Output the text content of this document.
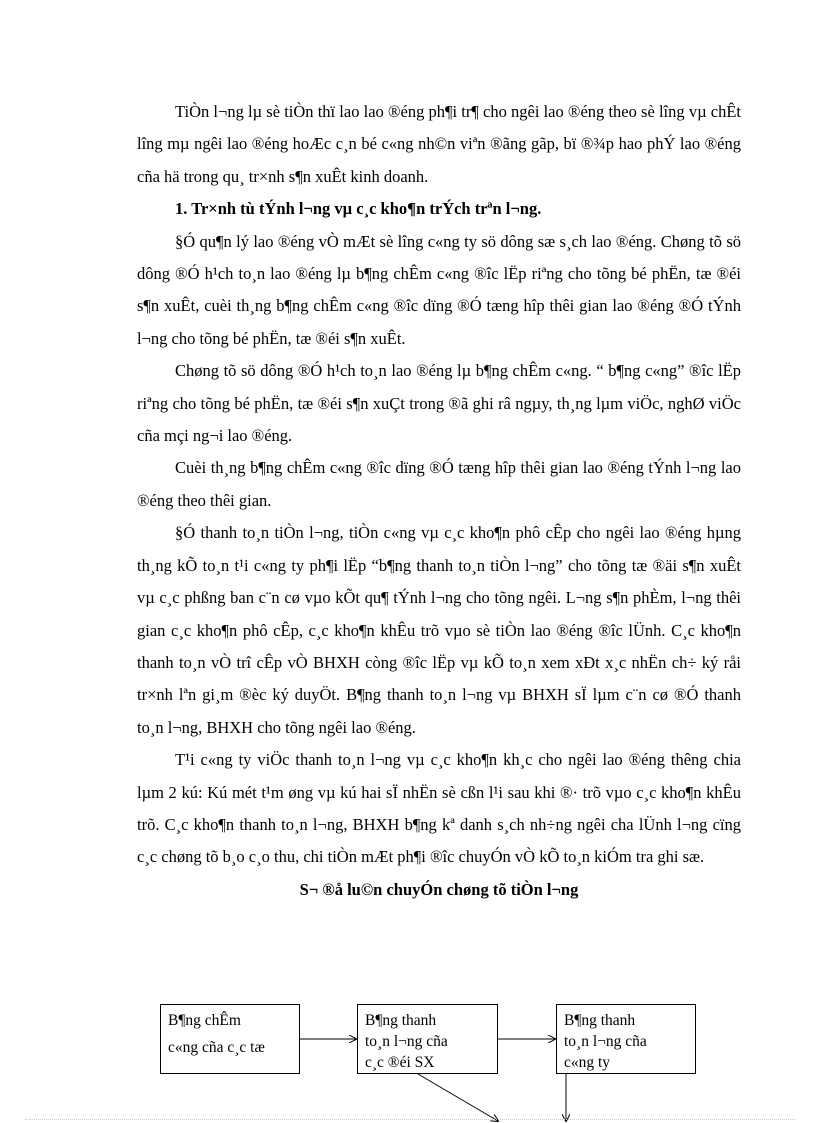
TiÒn l¬ng lµ sè tiÒn thï lao lao ®éng ph¶i tr¶ cho ngêi lao ®éng theo sè lîng vµ chÊt lîng mµ ngêi lao ®éng hoÆc c¸n bé c«ng nh©n viªn ®ãng gãp, bï ®¾p hao phÝ lao ®éng cña hä trong qu¸ tr×nh s¶n xuÊt kinh doanh.

1. Tr×nh tù tÝnh l¬ng vµ c¸c kho¶n trÝch trªn l¬ng.

§Ó qu¶n lý lao ®éng vÒ mÆt sè lîng c«ng ty sö dông sæ s¸ch lao ®éng. Chøng tõ sö dông ®Ó h¹ch to¸n lao ®éng lµ b¶ng chÊm c«ng ®îc lËp riªng cho tõng bé phËn, tæ ®éi s¶n xuÊt, cuèi th¸ng b¶ng chÊm c«ng ®îc dïng ®Ó tæng hîp thêi gian lao ®éng ®Ó tÝnh l¬ng cho tõng bé phËn, tæ ®éi s¶n xuÊt.

Chøng tõ sö dông ®Ó h¹ch to¸n lao ®éng lµ b¶ng chÊm c«ng. “ b¶ng c«ng” ®îc lËp riªng cho tõng bé phËn, tæ ®éi s¶n xuÇt trong ®ã ghi râ ngµy, th¸ng lµm viÖc, nghØ viÖc cña mçi ng¬i lao ®éng.

Cuèi th¸ng b¶ng chÊm c«ng ®îc dïng ®Ó tæng hîp thêi gian lao ®éng tÝnh l¬ng lao ®éng theo thêi gian.

§Ó thanh to¸n tiÒn l¬ng, tiÒn c«ng vµ c¸c kho¶n phô cÊp cho ngêi lao ®éng hµng th¸ng kÕ to¸n t¹i c«ng ty ph¶i lËp “b¶ng thanh to¸n tiÒn l¬ng” cho tõng tæ ®äi s¶n xuÊt vµ c¸c phßng ban c¨n cø vµo kÕt qu¶ tÝnh l¬ng cho tõng ngêi. L¬ng s¶n phÈm, l¬ng thêi gian c¸c kho¶n phô cÊp, c¸c kho¶n khÊu trõ vµo sè tiÒn lao ®éng ®îc lÜnh. C¸c kho¶n thanh to¸n vÒ trî cÊp vÒ BHXH còng ®îc lËp vµ kÕ to¸n xem xÐt x¸c nhËn ch÷ ký råi tr×nh lªn gi¸m ®èc ký duyÖt. B¶ng thanh to¸n l¬ng vµ BHXH sÏ lµm c¨n cø ®Ó thanh to¸n l¬ng, BHXH cho tõng ngêi lao ®éng.

T¹i c«ng ty viÖc thanh to¸n l¬ng vµ c¸c kho¶n kh¸c cho ngêi lao ®éng thêng chia lµm 2 kú: Kú mét t¹m øng vµ kú hai sÏ nhËn sè cßn l¹i sau khi ®· trõ vµo c¸c kho¶n khÊu trõ. C¸c kho¶n thanh to¸n l¬ng, BHXH b¶ng kª danh s¸ch nh÷ng ngêi cha lÜnh l¬ng cïng c¸c chøng tõ b¸o c¸o thu, chi tiÒn mÆt ph¶i ®îc chuyÓn vÒ kÕ to¸n kiÓm tra ghi sæ.

S¬ ®å lu©n chuyÓn chøng tõ tiÒn l¬ng

B¶ng chÊm
c«ng cña c¸c tæ
B¶ng thanh
to¸n l¬ng cña
c¸c ®éi SX
B¶ng thanh
to¸n l¬ng cña
c«ng ty
